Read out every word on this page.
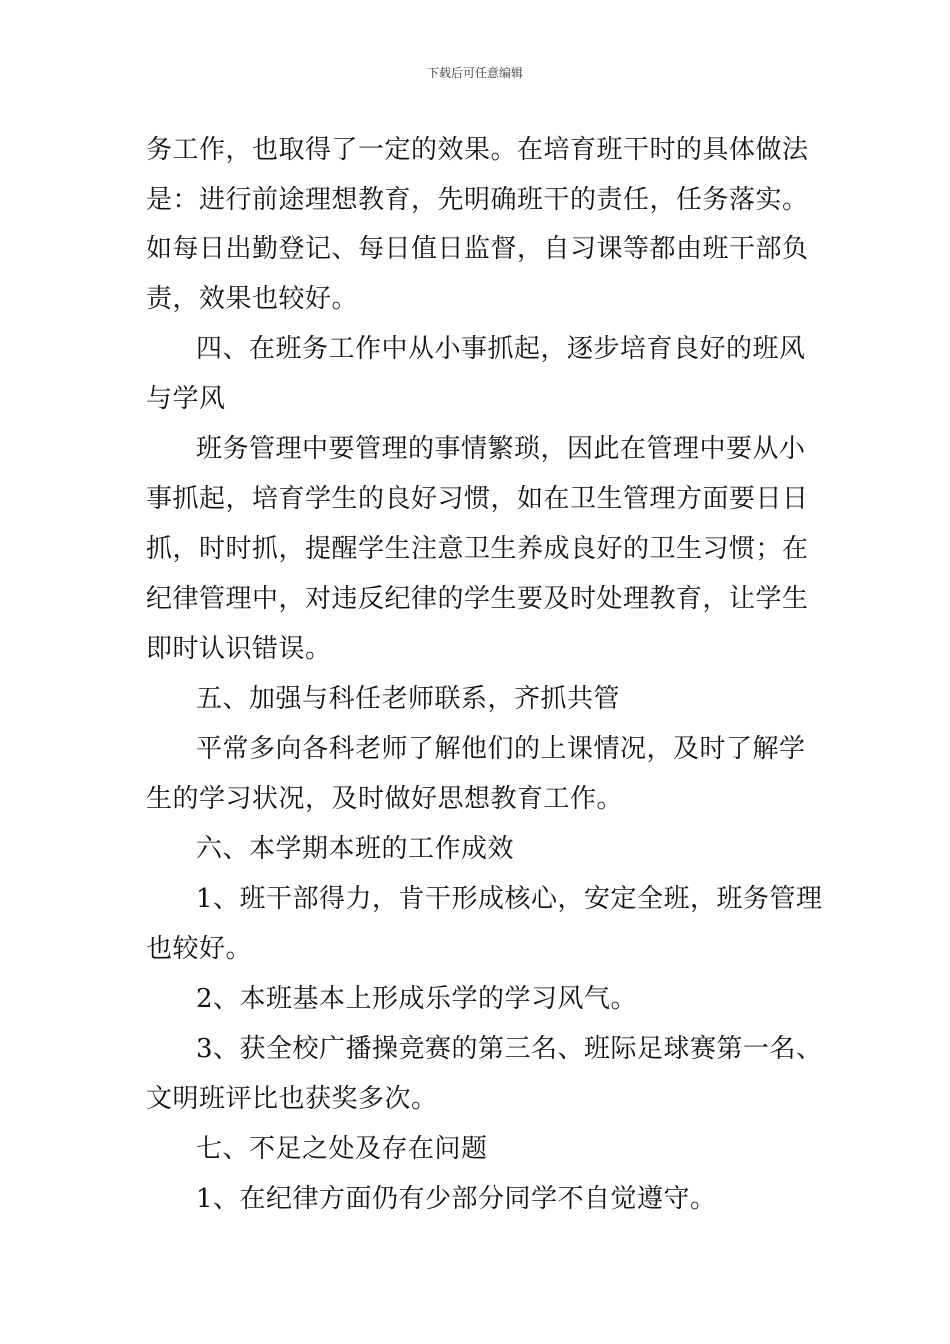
下载后可任意编辑
务工作，也取得了一定的效果。在培育班干时的具体做法
是：进行前途理想教育，先明确班干的责任，任务落实。
如每日出勤登记、每日值日监督，自习课等都由班干部负
责，效果也较好。
四、在班务工作中从小事抓起，逐步培育良好的班风
与学风
班务管理中要管理的事情繁琐，因此在管理中要从小
事抓起，培育学生的良好习惯，如在卫生管理方面要日日
抓，时时抓，提醒学生注意卫生养成良好的卫生习惯；在
纪律管理中，对违反纪律的学生要及时处理教育，让学生
即时认识错误。
五、加强与科任老师联系，齐抓共管
平常多向各科老师了解他们的上课情况，及时了解学
生的学习状况，及时做好思想教育工作。
六、本学期本班的工作成效
1、班干部得力，肯干形成核心，安定全班，班务管理
也较好。
2、本班基本上形成乐学的学习风气。
3、获全校广播操竞赛的第三名、班际足球赛第一名、
文明班评比也获奖多次。
七、不足之处及存在问题
1、在纪律方面仍有少部分同学不自觉遵守。
